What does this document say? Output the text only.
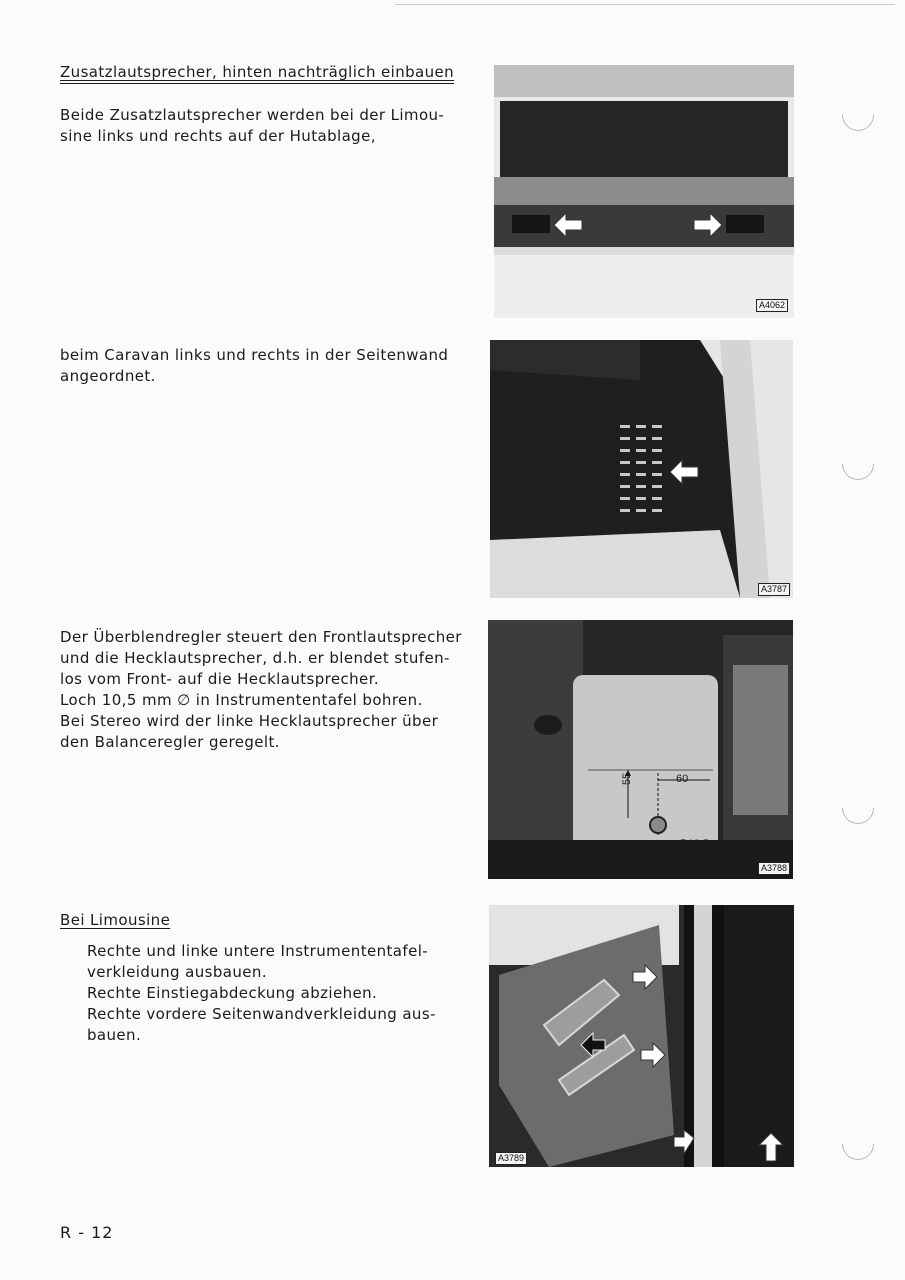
Zusatzlautsprecher, hinten nachträglich einbauen

Beide Zusatzlautsprecher werden bei der Limou-

sine links und rechts auf der Hutablage,

A4062

beim Caravan links und rechts in der Seitenwand

angeordnet.

A3787

Der Überblendregler steuert den Frontlautsprecher

und die Hecklautsprecher, d.h. er blendet stufen-

los vom Front- auf die Hecklautsprecher.

Loch 10,5 mm ∅ in Instrumententafel bohren.

Bei Stereo wird der linke Hecklautsprecher über

den Balanceregler geregelt.

55	60
∅10,5
A3788

Bei Limousine

Rechte und linke untere Instrumententafel-

verkleidung ausbauen.

Rechte Einstiegabdeckung abziehen.

Rechte vordere Seitenwandverkleidung aus-

bauen.

A3789

R - 12
